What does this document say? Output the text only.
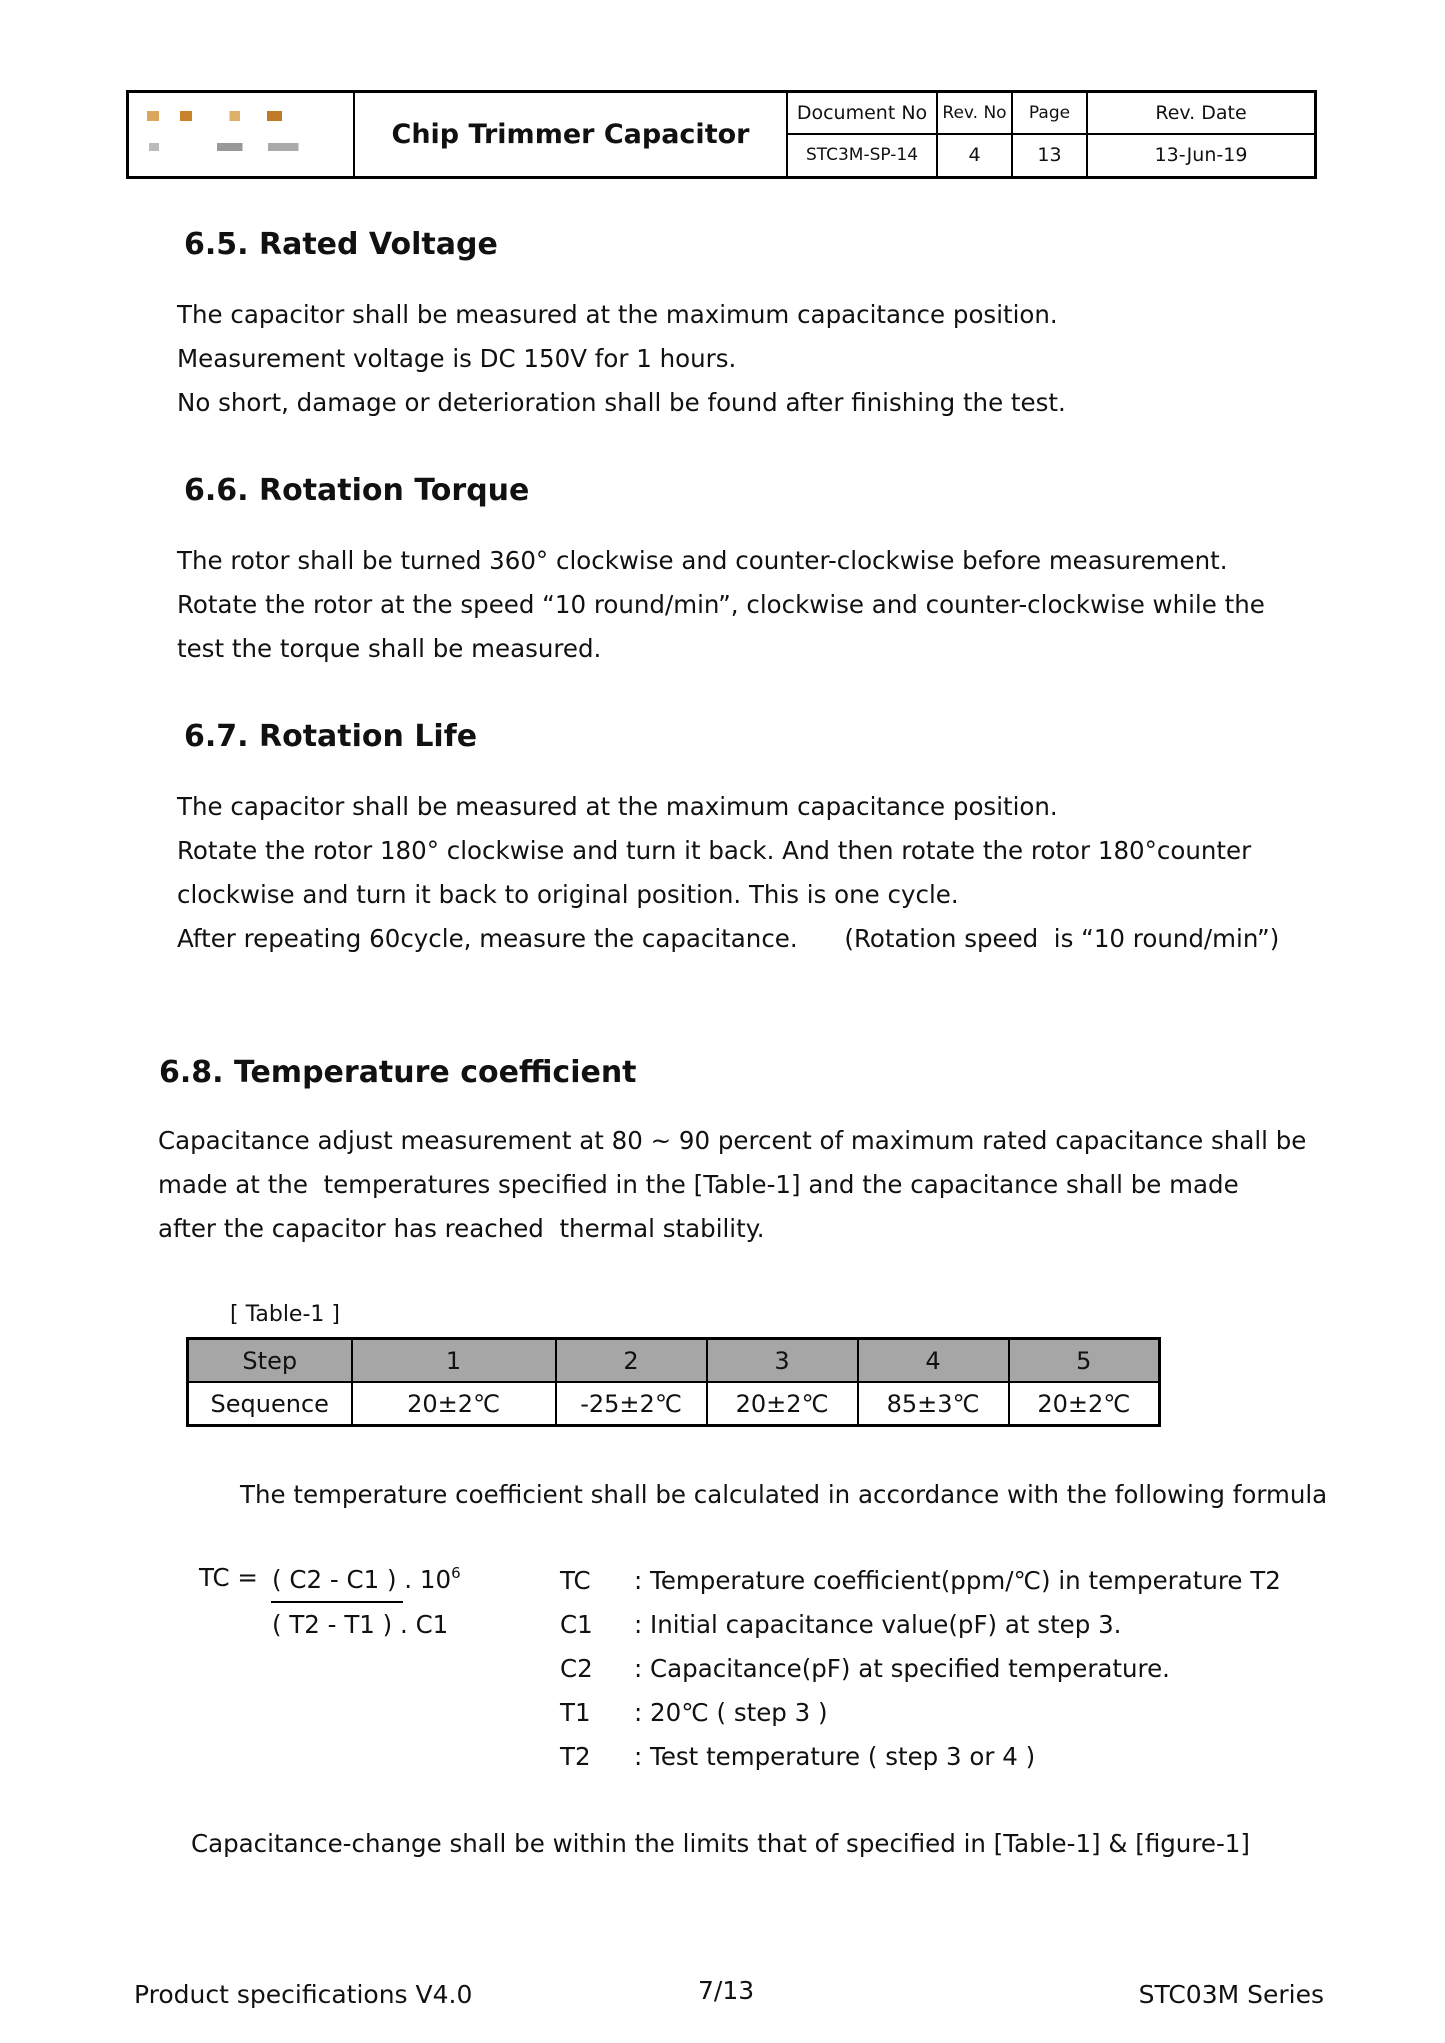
Chip Trimmer Capacitor
Document No Rev. No	Page	Rev. Date
STC3M-SP-14	4	13	13-Jun-19
6.5. Rated Voltage
The capacitor shall be measured at the maximum capacitance position.
Measurement voltage is DC 150V for 1 hours.
No short, damage or deterioration shall be found after finishing the test.
6.6. Rotation Torque
The rotor shall be turned 360° clockwise and counter-clockwise before measurement.
Rotate the rotor at the speed “10 round/min”, clockwise and counter-clockwise while the
test the torque shall be measured.
6.7. Rotation Life
The capacitor shall be measured at the maximum capacitance position.
Rotate the rotor 180° clockwise and turn it back. And then rotate the rotor 180°counter
clockwise and turn it back to original position. This is one cycle.
After repeating 60cycle, measure the capacitance.      (Rotation speed  is “10 round/min”)
6.8. Temperature coefficient
Capacitance adjust measurement at 80 ~ 90 percent of maximum rated capacitance shall be
made at the  temperatures specified in the [Table-1] and the capacitance shall be made
after the capacitor has reached  thermal stability.
[ Table-1 ]
Step	1	2	3	4	5
Sequence	20±2℃	-25±2℃	20±2℃	85±3℃	20±2℃
The temperature coefficient shall be calculated in accordance with the following formula
TC = ( C2 - C1 ) . $10^6$
( T2 - T1 ) . C1
TC : Temperature coefficient(ppm/℃) in temperature T2
C1 : Initial capacitance value(pF) at step 3.
C2 : Capacitance(pF) at specified temperature.
T1 : 20℃ ( step 3 )
T2 : Test temperature ( step 3 or 4 )
Capacitance-change shall be within the limits that of specified in [Table-1] & [figure-1]
Product specifications V4.0	7/13	STC03M Series
